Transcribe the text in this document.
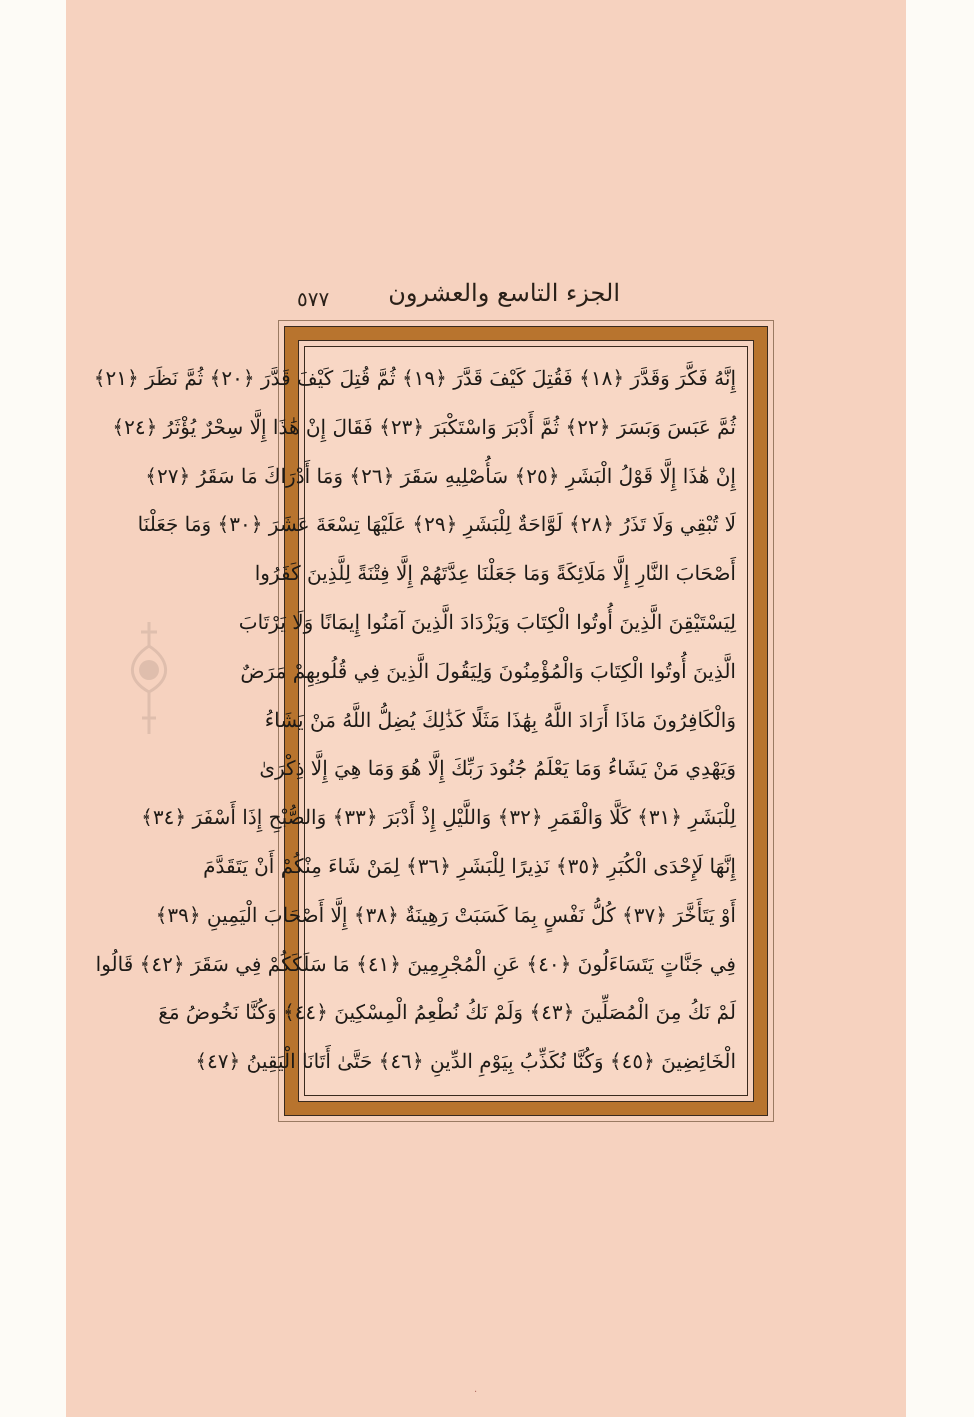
الجزء التاسع والعشرون
٥٧٧
إِنَّهُ فَكَّرَ وَقَدَّرَ ﴿١٨﴾ فَقُتِلَ كَيْفَ قَدَّرَ ﴿١٩﴾ ثُمَّ قُتِلَ كَيْفَ قَدَّرَ ﴿٢٠﴾ ثُمَّ نَظَرَ ﴿٢١﴾
ثُمَّ عَبَسَ وَبَسَرَ ﴿٢٢﴾ ثُمَّ أَدْبَرَ وَاسْتَكْبَرَ ﴿٢٣﴾ فَقَالَ إِنْ هَٰذَا إِلَّا سِحْرٌ يُؤْثَرُ ﴿٢٤﴾
إِنْ هَٰذَا إِلَّا قَوْلُ الْبَشَرِ ﴿٢٥﴾ سَأُصْلِيهِ سَقَرَ ﴿٢٦﴾ وَمَا أَدْرَاكَ مَا سَقَرُ ﴿٢٧﴾
لَا تُبْقِي وَلَا تَذَرُ ﴿٢٨﴾ لَوَّاحَةٌ لِلْبَشَرِ ﴿٢٩﴾ عَلَيْهَا تِسْعَةَ عَشَرَ ﴿٣٠﴾ وَمَا جَعَلْنَا
أَصْحَابَ النَّارِ إِلَّا مَلَائِكَةً وَمَا جَعَلْنَا عِدَّتَهُمْ إِلَّا فِتْنَةً لِلَّذِينَ كَفَرُوا
لِيَسْتَيْقِنَ الَّذِينَ أُوتُوا الْكِتَابَ وَيَزْدَادَ الَّذِينَ آمَنُوا إِيمَانًا وَلَا يَرْتَابَ
الَّذِينَ أُوتُوا الْكِتَابَ وَالْمُؤْمِنُونَ وَلِيَقُولَ الَّذِينَ فِي قُلُوبِهِمْ مَرَضٌ
وَالْكَافِرُونَ مَاذَا أَرَادَ اللَّهُ بِهَٰذَا مَثَلًا كَذَٰلِكَ يُضِلُّ اللَّهُ مَنْ يَشَاءُ
وَيَهْدِي مَنْ يَشَاءُ وَمَا يَعْلَمُ جُنُودَ رَبِّكَ إِلَّا هُوَ وَمَا هِيَ إِلَّا ذِكْرَىٰ
لِلْبَشَرِ ﴿٣١﴾ كَلَّا وَالْقَمَرِ ﴿٣٢﴾ وَاللَّيْلِ إِذْ أَدْبَرَ ﴿٣٣﴾ وَالصُّبْحِ إِذَا أَسْفَرَ ﴿٣٤﴾
إِنَّهَا لَإِحْدَى الْكُبَرِ ﴿٣٥﴾ نَذِيرًا لِلْبَشَرِ ﴿٣٦﴾ لِمَنْ شَاءَ مِنْكُمْ أَنْ يَتَقَدَّمَ
أَوْ يَتَأَخَّرَ ﴿٣٧﴾ كُلُّ نَفْسٍ بِمَا كَسَبَتْ رَهِينَةٌ ﴿٣٨﴾ إِلَّا أَصْحَابَ الْيَمِينِ ﴿٣٩﴾
فِي جَنَّاتٍ يَتَسَاءَلُونَ ﴿٤٠﴾ عَنِ الْمُجْرِمِينَ ﴿٤١﴾ مَا سَلَكَكُمْ فِي سَقَرَ ﴿٤٢﴾ قَالُوا
لَمْ نَكُ مِنَ الْمُصَلِّينَ ﴿٤٣﴾ وَلَمْ نَكُ نُطْعِمُ الْمِسْكِينَ ﴿٤٤﴾ وَكُنَّا نَخُوضُ مَعَ
الْخَائِضِينَ ﴿٤٥﴾ وَكُنَّا نُكَذِّبُ بِيَوْمِ الدِّينِ ﴿٤٦﴾ حَتَّىٰ أَتَانَا الْيَقِينُ ﴿٤٧﴾
‧
